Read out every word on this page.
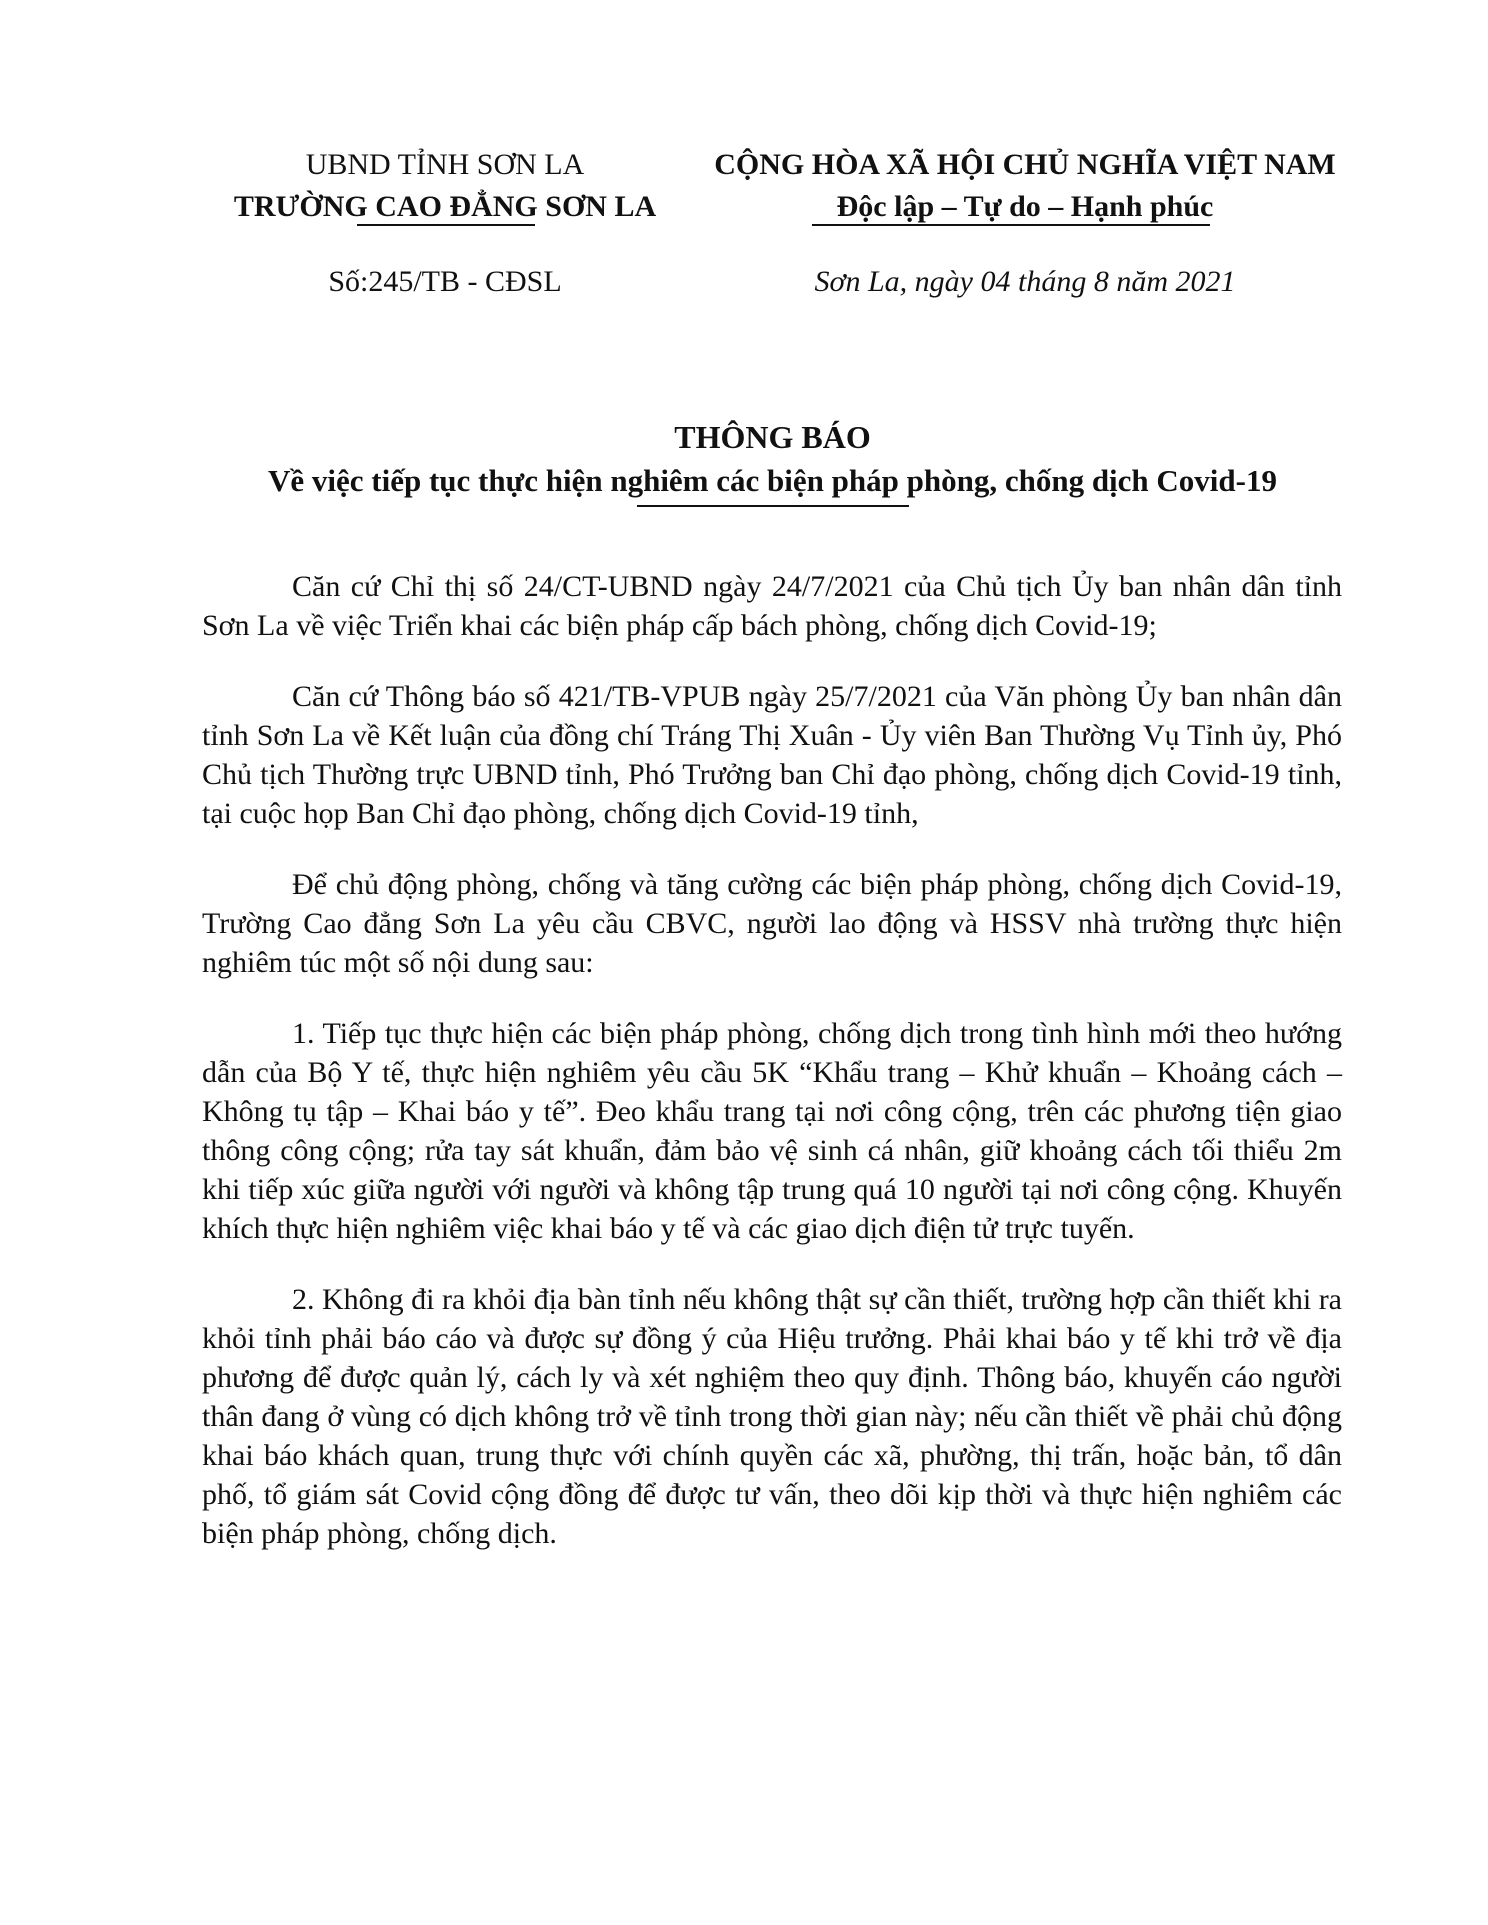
UBND TỈNH SƠN LA
TRƯỜNG CAO ĐẲNG SƠN LA
CỘNG HÒA XÃ HỘI CHỦ NGHĨA VIỆT NAM
Độc lập – Tự do – Hạnh phúc
Số:245/TB - CĐSL	Sơn La, ngày 04 tháng 8 năm 2021
THÔNG BÁO
Về việc tiếp tục thực hiện nghiêm các biện pháp phòng, chống dịch Covid-19

Căn cứ Chỉ thị số 24/CT-UBND ngày 24/7/2021 của Chủ tịch Ủy ban nhân dân tỉnh Sơn La về việc Triển khai các biện pháp cấp bách phòng, chống dịch Covid-19;

Căn cứ Thông báo số 421/TB-VPUB ngày 25/7/2021 của Văn phòng Ủy ban nhân dân tỉnh Sơn La về Kết luận của đồng chí Tráng Thị Xuân - Ủy viên Ban Thường Vụ Tỉnh ủy, Phó Chủ tịch Thường trực UBND tỉnh, Phó Trưởng ban Chỉ đạo phòng, chống dịch Covid-19 tỉnh, tại cuộc họp Ban Chỉ đạo phòng, chống dịch Covid-19 tỉnh,

Để chủ động phòng, chống và tăng cường các biện pháp phòng, chống dịch Covid-19, Trường Cao đẳng Sơn La yêu cầu CBVC, người lao động và HSSV nhà trường thực hiện nghiêm túc một số nội dung sau:

1. Tiếp tục thực hiện các biện pháp phòng, chống dịch trong tình hình mới theo hướng dẫn của Bộ Y tế, thực hiện nghiêm yêu cầu 5K “Khẩu trang – Khử khuẩn – Khoảng cách – Không tụ tập – Khai báo y tế”. Đeo khẩu trang tại nơi công cộng, trên các phương tiện giao thông công cộng; rửa tay sát khuẩn, đảm bảo vệ sinh cá nhân, giữ khoảng cách tối thiểu 2m khi tiếp xúc giữa người với người và không tập trung quá 10 người tại nơi công cộng. Khuyến khích thực hiện nghiêm việc khai báo y tế và các giao dịch điện tử trực tuyến.

2. Không đi ra khỏi địa bàn tỉnh nếu không thật sự cần thiết, trường hợp cần thiết khi ra khỏi tỉnh phải báo cáo và được sự đồng ý của Hiệu trưởng. Phải khai báo y tế khi trở về địa phương để được quản lý, cách ly và xét nghiệm theo quy định. Thông báo, khuyến cáo người thân đang ở vùng có dịch không trở về tỉnh trong thời gian này; nếu cần thiết về phải chủ động khai báo khách quan, trung thực với chính quyền các xã, phường, thị trấn, hoặc bản, tổ dân phố, tổ giám sát Covid cộng đồng để được tư vấn, theo dõi kịp thời và thực hiện nghiêm các biện pháp phòng, chống dịch.
